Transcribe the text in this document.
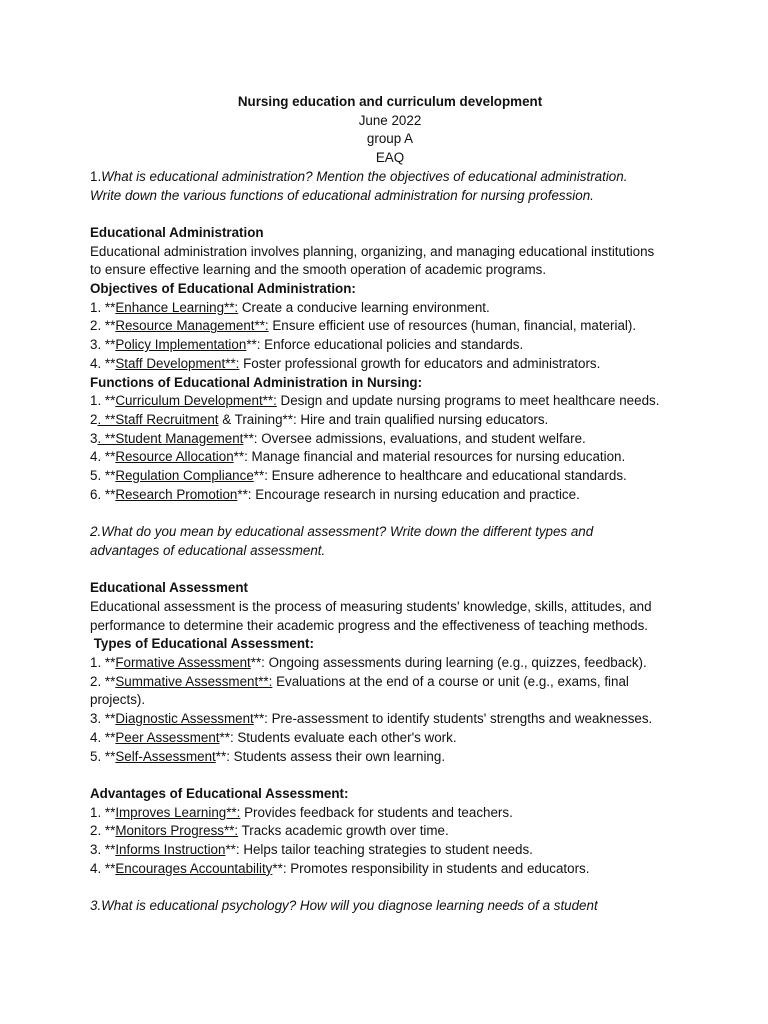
Nursing education and curriculum development
June 2022
group A
EAQ
1.What is educational administration? Mention the objectives of educational administration.
Write down the various functions of educational administration for nursing profession.
Educational Administration
Educational administration involves planning, organizing, and managing educational institutions
to ensure effective learning and the smooth operation of academic programs.
Objectives of Educational Administration:
1. **Enhance Learning**: Create a conducive learning environment.
2. **Resource Management**: Ensure efficient use of resources (human, financial, material).
3. **Policy Implementation**: Enforce educational policies and standards.
4. **Staff Development**: Foster professional growth for educators and administrators.
Functions of Educational Administration in Nursing:
1. **Curriculum Development**: Design and update nursing programs to meet healthcare needs.
2. **Staff Recruitment & Training**: Hire and train qualified nursing educators.
3. **Student Management**: Oversee admissions, evaluations, and student welfare.
4. **Resource Allocation**: Manage financial and material resources for nursing education.
5. **Regulation Compliance**: Ensure adherence to healthcare and educational standards.
6. **Research Promotion**: Encourage research in nursing education and practice.
2.What do you mean by educational assessment? Write down the different types and
advantages of educational assessment.
Educational Assessment
Educational assessment is the process of measuring students' knowledge, skills, attitudes, and
performance to determine their academic progress and the effectiveness of teaching methods.
Types of Educational Assessment:
1. **Formative Assessment**: Ongoing assessments during learning (e.g., quizzes, feedback).
2. **Summative Assessment**: Evaluations at the end of a course or unit (e.g., exams, final projects).
3. **Diagnostic Assessment**: Pre-assessment to identify students' strengths and weaknesses.
4. **Peer Assessment**: Students evaluate each other's work.
5. **Self-Assessment**: Students assess their own learning.
Advantages of Educational Assessment:
1. **Improves Learning**: Provides feedback for students and teachers.
2. **Monitors Progress**: Tracks academic growth over time.
3. **Informs Instruction**: Helps tailor teaching strategies to student needs.
4. **Encourages Accountability**: Promotes responsibility in students and educators.
3.What is educational psychology? How will you diagnose learning needs of a student
